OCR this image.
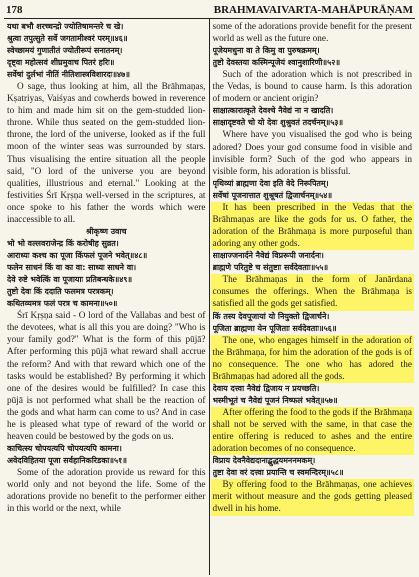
178	BRAHMAVAIVARTA-MAHĀPURĀṆAM

यथा बभौ शरच्चन्द्रो ज्योतिषामन्तरे च खे।

श्रुत्वा तपुत्सुते सर्वे जगतामीश्वरं परम्॥४६॥

स्वेच्छामयं गुणातीतं ज्योतीरूपं सनातनम्।

दृष्ट्वा महोत्सवं शीघ्रमुवाच पितरं हरिः॥

सर्वेषां दुर्लभां नीतिं नीतिशास्त्रविशारदः॥४७॥

O sage, thus looking at him, all the Brāhmaṇas, Kṣatriyas, Vaiśyas and cowherds bowed in reverence to him and made him sit on the gem-studded lion-throne. While thus seated on the gem-studded lion-throne, the lord of the universe, looked as if the full moon of the winter seas was surrounded by stars. Thus visualising the entire situation all the people said, "O lord of the universe you are beyond qualities, illustrious and eternal." Looking at the festivities Śrī Kṛṣṇa well-versed in the scriptures, at once spoke to his father the words which were inaccessible to all.

श्रीकृष्ण उवाच

भो भो वल्लवराजेन्द्र किं करोषीह सुव्रत।

आराध्यः कश्च का पूजा किंफलं पूजने भवेत्॥४८॥

फलेन साधनं किं वा का वा: साध्यः साधने वा।

देवे रुष्टे भवेत्किं वा पूजायाः प्रतिबन्धके॥४९॥

तुष्टो देवः किं ददाति फलमत्र परत्रकम्।

कथितव्यमत्र फलं परत्र च कामना॥५०॥

Śrī Kṛṣṇa said - O lord of the Vallabas and best of the devotees, what is all this you are doing? "Who is your family god?" What is the form of this pūjā? After performing this pūjā what reward shall accrue the reform? And with that reward which one of the tasks would be established? By performing it which one of the desires would be fulfilled? In case this pūjā is not performed what shall be the reaction of the gods and what harm can come to us? And in case he is pleased what type of reward of the world or heaven could be bestowed by the gods on us.

काचित्स्य चोपयत्यपि चोपयत्यपि कामना।

अवेदविहितया पूजा सर्वहानिकरिडका॥५१॥

Some of the adoration provide us reward for this world only and not beyond the life. Some of the adorations provide no benefit to the performer either in this world or the next, while

some of the adorations provide benefit for the present world as well as the future one.

पूजेयमधुना वा ते किमु वा पुरुषक्रमम्।

तुष्टो देवस्तया कस्मिन्पूजेयं श्वानुशारिणी॥५२॥

Such of the adoration which is not prescribed in the Vedas, is bound to cause harm. Is this adoration of modern or ancient origin?

साक्षात्कारात्कृते देवश्चे नैवेद्यं ना न खादति।

साक्षादृष्टवते चो यो देवः शुश्रुवतं तदर्चनम्॥५३॥

Where have you visualised the god who is being adored? Does your god consume food in visible and invisible form? Such of the god who appears in visible form, his adoration is blissful.

पृथिव्यां ब्राह्मणा देवा इति वेदे निरूपितम्।

सर्वेषां पूजनात्तात शुश्रूषतं द्विजार्चनम्॥५४॥

It has been prescribed in the Vedas that the Brāhmaṇas are like the gods for us. O father, the adoration of the Brāhmaṇa is more purposeful than adoring any other gods.

साक्षाज्जनार्दने नैवेद्यं विप्ररूपी जनार्दनः।

ब्राह्मणे परितुष्टे च संतुष्टाः सर्वदेवताः॥५५॥

The Brāhmaṇas in the form of Janārdana consumes the offerings. When the Brāhmaṇa is satisfied all the gods get satisfied.

किं तस्य देवपूजायां यो नियुक्तो द्विजार्चने।

पूजिता ब्राह्मणा येन पूजिताः सर्वदेवताः॥५६॥

The one, who engages himself in the adoration of the Brāhmaṇa, for him the adoration of the gods is of no consequence. The one who has adored the Brāhmaṇas had adored all the gods.

देवाय दत्त्वा नैवेद्यं द्विजाय न प्रयच्छति।

भस्मीभूतं च नैवेद्यं पूजनं निष्फलं भवेत्॥५७॥

After offering the food to the gods if the Brāhmaṇa shall not be served with the same, in that case the entire offering is reduced to ashes and the entire adoration becomes of no consequence.

विप्राय देवनैवेद्यदानाद्बुद्धयमननमकम्।

तुष्टा देवा वरं दत्त्वा प्रयान्ति च स्वमन्दिरम्॥५८॥

By offering food to the Brāhmaṇas, one achieves merit without measure and the gods getting pleased dwell in his home.
